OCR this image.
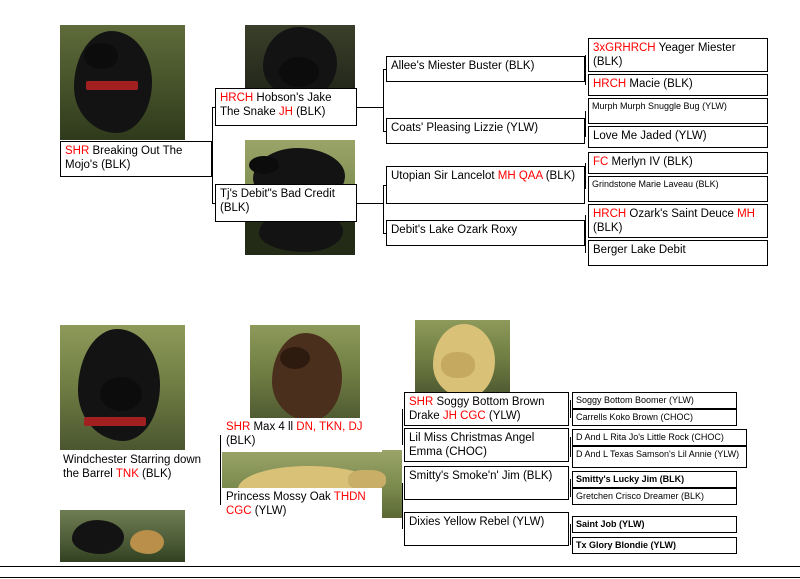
SHR Breaking Out The Mojo's (BLK)
HRCH Hobson's Jake The Snake JH (BLK)
Tj's Debit"s Bad Credit (BLK)
Allee's Miester Buster (BLK)
Coats' Pleasing Lizzie (YLW)
Utopian Sir Lancelot MH QAA (BLK)
Debit's Lake Ozark Roxy
3xGRHRCH Yeager Miester (BLK)
HRCH Macie (BLK)
Murph Murph Snuggle Bug (YLW)
Love Me Jaded (YLW)
FC Merlyn IV (BLK)
Grindstone Marie Laveau (BLK)
HRCH Ozark's Saint Deuce MH (BLK)
Berger Lake Debit
Windchester Starring down the Barrel TNK (BLK)
SHR Max 4 ll DN, TKN, DJ (BLK)
Princess Mossy Oak THDN CGC (YLW)
SHR Soggy Bottom Brown Drake JH CGC (YLW)
Lil Miss Christmas Angel Emma (CHOC)
Smitty's Smoke'n' Jim (BLK)
Dixies Yellow Rebel (YLW)
Soggy Bottom Boomer (YLW)
Carrells Koko Brown (CHOC)
D And L Rita Jo's Little Rock (CHOC)
D And L Texas Samson's Lil Annie (YLW)
Smitty's Lucky Jim (BLK)
Gretchen Crisco Dreamer (BLK)
Saint Job (YLW)
Tx Glory Blondie (YLW)
